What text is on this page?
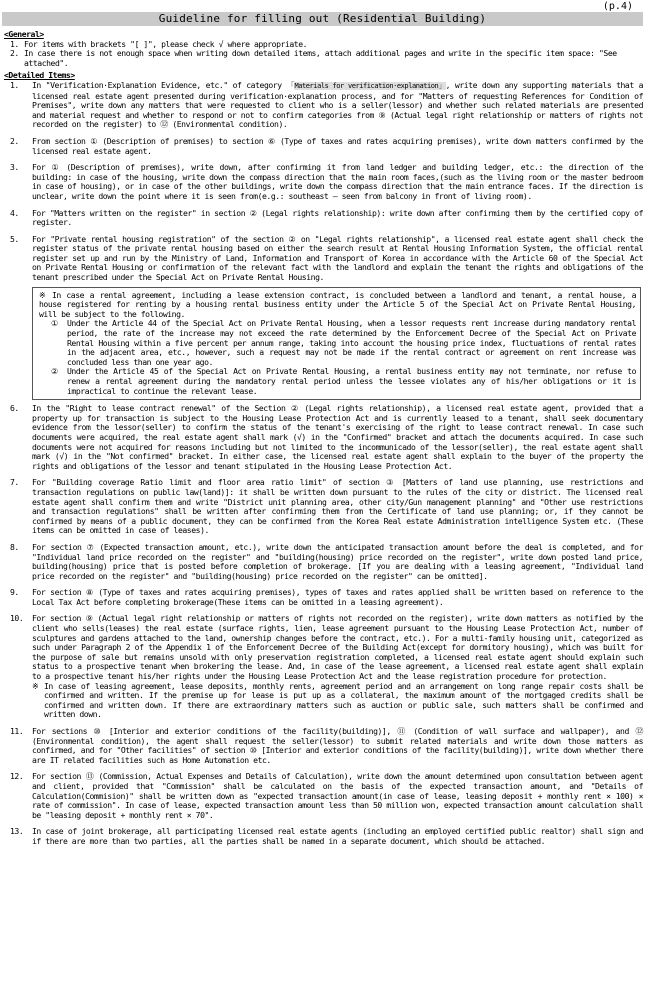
(p.4)
Guideline for filling out (Residential Building)
<General>
1. For items with brackets "[ ]", please check √ where appropriate.
2. In case there is not enough space when writing down detailed items, attach additional pages and write in the specific item space: "See attached".
<Detailed Items>
1.	In "Verification·Explanation Evidence, etc." of category 「Materials for verification·explanation」, write down any supporting materials that a licensed real estate agent presented during verification·explanation process, and for "Matters of requesting References for Condition of Premises", write down any matters that were requested to client who is a seller(lessor) and whether such related materials are presented and material request and whether to respond or not to confirm categories from ⑨ (Actual legal right relationship or matters of rights not recorded on the register) to ⑫ (Environmental condition).
2.	From section ① (Description of premises) to section ⑥ (Type of taxes and rates acquiring premises), write down matters confirmed by the licensed real estate agent.
3.	For ① (Description of premises), write down, after confirming it from land ledger and building ledger, etc.: the direction of the building: in case of the housing, write down the compass direction that the main room faces,(such as the living room or the master bedroom in case of housing), or in case of the other buildings, write down the compass direction that the main entrance faces. If the direction is unclear, write down the point where it is seen from(e.g.: southeast — seen from balcony in front of living room).
4.	For "Matters written on the register" in section ② (Legal rights relationship): write down after confirming them by the certified copy of register.
5.	For "Private rental housing registration" of the section ② on "Legal rights relationship", a licensed real estate agent shall check the register status of the private rental housing based on either the search result at Rental Housing Information System, the official rental register set up and run by the Ministry of Land, Information and Transport of Korea in accordance with the Article 60 of the Special Act on Private Rental Housing or confirmation of the relevant fact with the landlord and explain the tenant the rights and obligations of the tenant prescribed under the Special Act on Private Rental Housing.
※ In case a rental agreement, including a lease extension contract, is concluded between a landlord and tenant, a rental house, a house registered for renting by a housing rental business entity under the Article 5 of the Special Act on Private Rental Housing, will be subject to the following.
①	Under the Article 44 of the Special Act on Private Rental Housing, when a lessor requests rent increase during mandatory rental period, the rate of the increase may not exceed the rate determined by the Enforcement Decree of the Special Act on Private Rental Housing within a five percent per annum range, taking into account the housing price index, fluctuations of rental rates in the adjacent area, etc., however, such a request may not be made if the rental contract or agreement on rent increase was concluded less than one year ago.
②	Under the Article 45 of the Special Act on Private Rental Housing, a rental business entity may not terminate, nor refuse to renew a rental agreement during the mandatory rental period unless the lessee violates any of his/her obligations or it is impractical to continue the relevant lease.
6.	In the "Right to lease contract renewal" of the Section ② (Legal rights relationship), a licensed real estate agent, provided that a property up for transaction is subject to the Housing Lease Protection Act and is currently leased to a tenant, shall seek documentary evidence from the lessor(seller) to confirm the status of the tenant's exercising of the right to lease contract renewal. In case such documents were acquired, the real estate agent shall mark (√) in the "Confirmed" bracket and attach the documents acquired. In case such documents were not acquired for reasons including but not limited to the incommunicado of the lessor(seller), the real estate agent shall mark (√) in the "Not confirmed" bracket. In either case, the licensed real estate agent shall explain to the buyer of the property the rights and obligations of the lessor and tenant stipulated in the Housing Lease Protection Act.
7.	For "Building coverage Ratio limit and floor area ratio limit" of section ③ [Matters of land use planning, use restrictions and transaction regulations on public law(land)]: it shall be written down pursuant to the rules of the city or district. The licensed real estate agent shall confirm them and write "District unit planning area, other city/Gun management planning" and "Other use restrictions and transaction regulations" shall be written after confirming them from the Certificate of land use planning; or, if they cannot be confirmed by means of a public document, they can be confirmed from the Korea Real estate Administration intelligence System etc. (These items can be omitted in case of leases).
8.	For section ⑦ (Expected transaction amount, etc.), write down the anticipated transaction amount before the deal is completed, and for "Individual land price recorded on the register" and "building(housing) price recorded on the register", write down posted land price, building(housing) price that is posted before completion of brokerage. [If you are dealing with a leasing agreement, "Individual land price recorded on the register" and "building(housing) price recorded on the register" can be omitted].
9.	For section ⑧ (Type of taxes and rates acquiring premises), types of taxes and rates applied shall be written based on reference to the Local Tax Act before completing brokerage(These items can be omitted in a leasing agreement).
10.	For section ⑨ (Actual legal right relationship or matters of rights not recorded on the register), write down matters as notified by the client who sells(leases) the real estate (surface rights, lien, lease agreement pursuant to the Housing Lease Protection Act, number of sculptures and gardens attached to the land, ownership changes before the contract, etc.). For a multi-family housing unit, categorized as such under Paragraph 2 of the Appendix 1 of the Enforcement Decree of the Building Act(except for dormitory housing), which was built for the purpose of sale but remains unsold with only preservation registration completed, a licensed real estate agent should explain such status to a prospective tenant when brokering the lease. And, in case of the lease agreement, a licensed real estate agent shall explain to a prospective tenant his/her rights under the Housing Lease Protection Act and the lease registration procedure for protection.
※ In case of leasing agreement, lease deposits, monthly rents, agreement period and an arrangement on long range repair costs shall be confirmed and written. If the premise up for lease is put up as a collateral, the maximum amount of the mortgaged credits shall be confirmed and written down. If there are extraordinary matters such as auction or public sale, such matters shall be confirmed and written down.
11.	For sections ⑩ [Interior and exterior conditions of the facility(building)], ⑪ (Condition of wall surface and wallpaper), and ⑫ (Environmental condition), the agent shall request the seller(lessor) to submit related materials and write down those matters as confirmed, and for "Other facilities" of section ⑩ [Interior and exterior conditions of the facility(building)], write down whether there are IT related facilities such as Home Automation etc.
12.	For section ⑬ (Commission, Actual Expenses and Details of Calculation), write down the amount determined upon consultation between agent and client, provided that "Commission" shall be calculated on the basis of the expected transaction amount, and "Details of Calculation(Commision)" shall be written down as "expected transaction amount(in case of lease, leasing deposit + monthly rent × 100) × rate of commission". In case of lease, expected transaction amount less than 50 million won, expected transaction amount calculation shall be "leasing deposit + monthly rent × 70".
13.	In case of joint brokerage, all participating licensed real estate agents (including an employed certified public realtor) shall sign and if there are more than two parties, all the parties shall be named in a separate document, which should be attached.
